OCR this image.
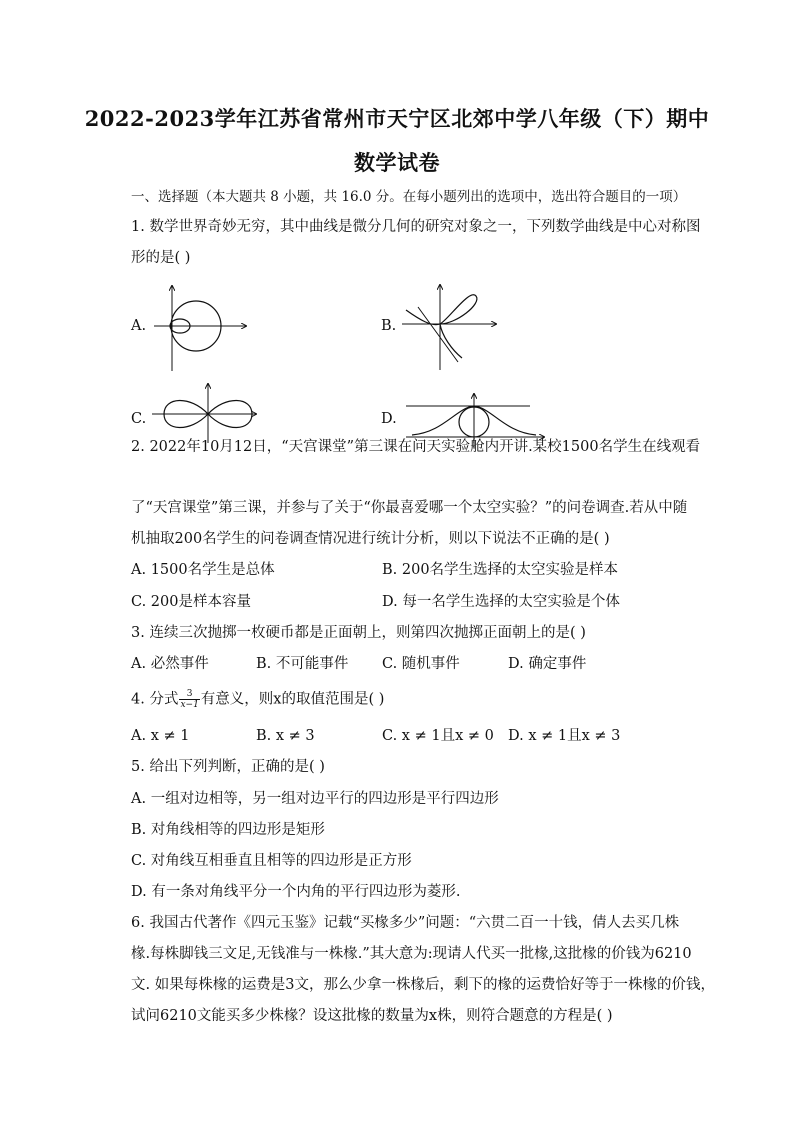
2022-2023学年江苏省常州市天宁区北郊中学八年级（下）期中
数学试卷
一、选择题（本大题共 8 小题，共 16.0 分。在每小题列出的选项中，选出符合题目的一项）
1. 数学世界奇妙无穷，其中曲线是微分几何的研究对象之一，下列数学曲线是中心对称图
形的是( )
A.	B.
C.	D.
2. 2022年10月12日，“天宫课堂”第三课在问天实验舱内开讲.某校1500名学生在线观看
了“天宫课堂”第三课，并参与了关于“你最喜爱哪一个太空实验？”的问卷调查.若从中随
机抽取200名学生的问卷调查情况进行统计分析，则以下说法不正确的是( )
A. 1500名学生是总体	B. 200名学生选择的太空实验是样本
C. 200是样本容量	D. 每一名学生选择的太空实验是个体
3. 连续三次抛掷一枚硬币都是正面朝上，则第四次抛掷正面朝上的是( )
A. 必然事件	B. 不可能事件 C. 随机事件	D. 确定事件
4. 分式 $\frac{3}{x-1}$ 有意义，则x的取值范围是( )
A. x ≠ 1	B. x ≠ 3	C. x ≠ 1且x ≠ 0 D. x ≠ 1且x ≠ 3
5. 给出下列判断，正确的是( )
A. 一组对边相等，另一组对边平行的四边形是平行四边形
B. 对角线相等的四边形是矩形
C. 对角线互相垂直且相等的四边形是正方形
D. 有一条对角线平分一个内角的平行四边形为菱形.
6. 我国古代著作《四元玉鉴》记载“买椽多少”问题：“六贯二百一十钱，倩人去买几株
椽.每株脚钱三文足,无钱准与一株椽.”其大意为:现请人代买一批椽,这批椽的价钱为6210
文. 如果每株椽的运费是3文，那么少拿一株椽后，剩下的椽的运费恰好等于一株椽的价钱，
试问6210文能买多少株椽？设这批椽的数量为x株，则符合题意的方程是( )
